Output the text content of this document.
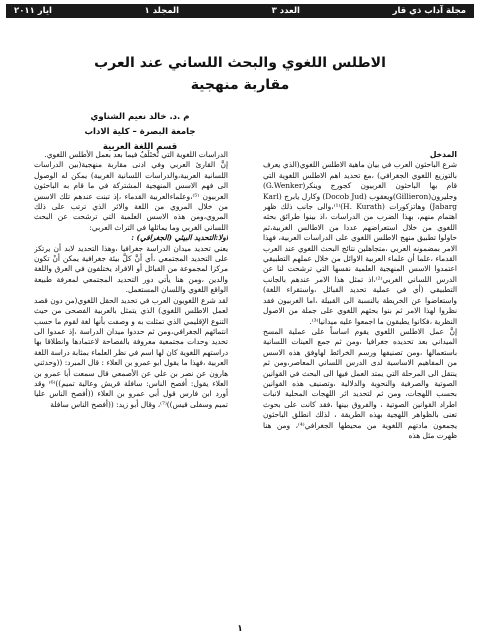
مجلة آداب ذي قار
العدد ٣
المجلد ١
ايار ٢٠١١
الاطلس اللغوي والبحث اللساني عند العرب
مقاربة منهجية
م .د. خالد نعيم الشناوي
جامعة البصرة – كلية الاداب
قسم اللغة العربية

المدخل

شرع الباحثون العرب في بيان ماهية الاطلس اللغوي(الذي يعرف بالتوزيع اللغوي الجغرافي) ،مع تحديد اهم الاطلس اللغوية التي قام بها الباحثون الغربيون كجورج وينكر(G.Wenker) وجليرون(Gillieron)ويعقوب (Docob Jud) وكارل يابرج (Karl Jabarg) وهاتزكورات (H. Kurath)⁽¹⁾،والى جانب ذلك ظهر اهتمام منهم، بهذا الضرب من الدراسات ،اذ بينوا طرائق بحثه اللغوي من خلال استعراضهم عددا من الاطالس الغربية،ثم حاولوا تطبيق منهج الاطلس اللغوي على الدراسات العربية، فهذا الامر بمضمونه العربي ،متجاهلين نتائج البحث اللغوي عند العرب القدماء ،علما أن علماء العربية الاوائل من خلال عملهم التطبيقي اعتمدوا الاسس المنهجية العلمية نفسها التي ترشحت لنا عن الدرس اللساني الغربي⁽²⁾،اذ تمثل هذا الامر عندهم بالجانب التطبيقي (أي في عملية تحديد القبائل ،واستقراء اللغة) واستعاضوا عن الخريطة بالنسبة الى القبيلة ،اما الغربيون فقد نظروا لهذا الامر ثم بنوا بحثهم اللغوي على جملة من الاصول النظرية ،فكانوا يطبقون ما اجمعوا عليه ميدانيا⁽³⁾.

إنَّ عمل الاطلس اللغوي يقوم اساساً على عملية المسح الميداني بعد تحديده جغرافيا ،ومن ثم جمع العينات اللسانية باستعمالها ،ومن تصنيفها ورسم الخرائط لهاوفق هذه الاسس من المفاهيم الاساسية لدى الدرس اللساني المعاصر،ومن ثم ينتقل الى المرحلة التي يمتد العمل فيها الى البحث في القوانين الصوتية والصرفية والنحوية والدلالية ،وتصنيف هذه القوانين بحسب اللهجات، ومن ثم لتحديد اثر اللهجات المحلية لانبات اطراد القوانين الصوتية ، والفروق بينها ،فقد كانت على بحوث تعنى بالظواهر اللهجية بهذه الطريقة ، لذلك انطلق الباحثون يجمعون مادتهم اللغوية من محيطها الجغرافي⁽⁴⁾، ومن هنا ظهرت مثل هذه

الدراسات اللغوية التي تُختَلَفُ فيما بعد بعمل الأطلس اللغوي.

إنَّ القارئ العربي وفي ادنى مقاربة منهجية(بين الدراسات اللسانية العربية،والدراسات اللسانية الغربية) يمكن له الوصول الى فهم الاسس المنهجية المشتركة في ما قام به الباحثون العربيون ⁽⁵⁾،وعلماءالعربية القدماء ،إذ تبنت عندهم تلك الاسس من خلال المروي من اللغة والاثر الذي ترتب على ذلك المروي،ومن هذه الاسس العلمية التي ترشحت عن البحث اللساني الغربي وما يماثلها في التراث العربي:

اولا:التحديد البيئي (الجغرافي) :

يعني تحديد ميدان الدراسة جغرافيا ،وهذا التحديد لابد أن يرتكز على التحديد المجتمعي ،أي أنَّ كلَّ بيئة جغرافية يمكن أنْ تكون مركزا لمجموعة من القبائل أو الافراد يختلفون في العرق واللغة والدين ،ومن هنا يأتي دور التحديد المجتمعي لمعرفة طبيعة الواقع اللغوي واللسان المستعمل.

لقد شرع اللغويون العرب في تحديد الحقل اللغوي(من دون قصد لعمل الاطلس اللغوي) الذي يتمثل بالعربية الفصحى من حيث التنوع الإقليمي الذي تمثلت به و وصفت بأنها لغة لقوم ما حسب انتمائهم الجغرافي،ومن ثم حددوا ميدان الدراسة ،إذ عمدوا الى تحديد وحدات مجتمعية معروفة بالفصاحة لاعتمادها وانطلاقا بها دراستهم اللغوية كان لها اسم في نظر العلماء بمثابة دراسة اللغة العربية ،فهذا ما يقول ابو عمرو بن العلاء : قال المبرد: ((وحدثني هارون عن نصر بن علي عن الأصمعي قال سمعت أبا عمرو بن العلاء يقول: أفصح الناس: سافلة قريش وعالية تميم))⁽⁶⁾ وقد أورد ابن فارس قول أبي عمرو بن العلاء ((أفصح الناس عليا تميم وسفلى قيس))⁽⁷⁾، وقال أبو زيد: ((أفصح الناس سافلة

١
